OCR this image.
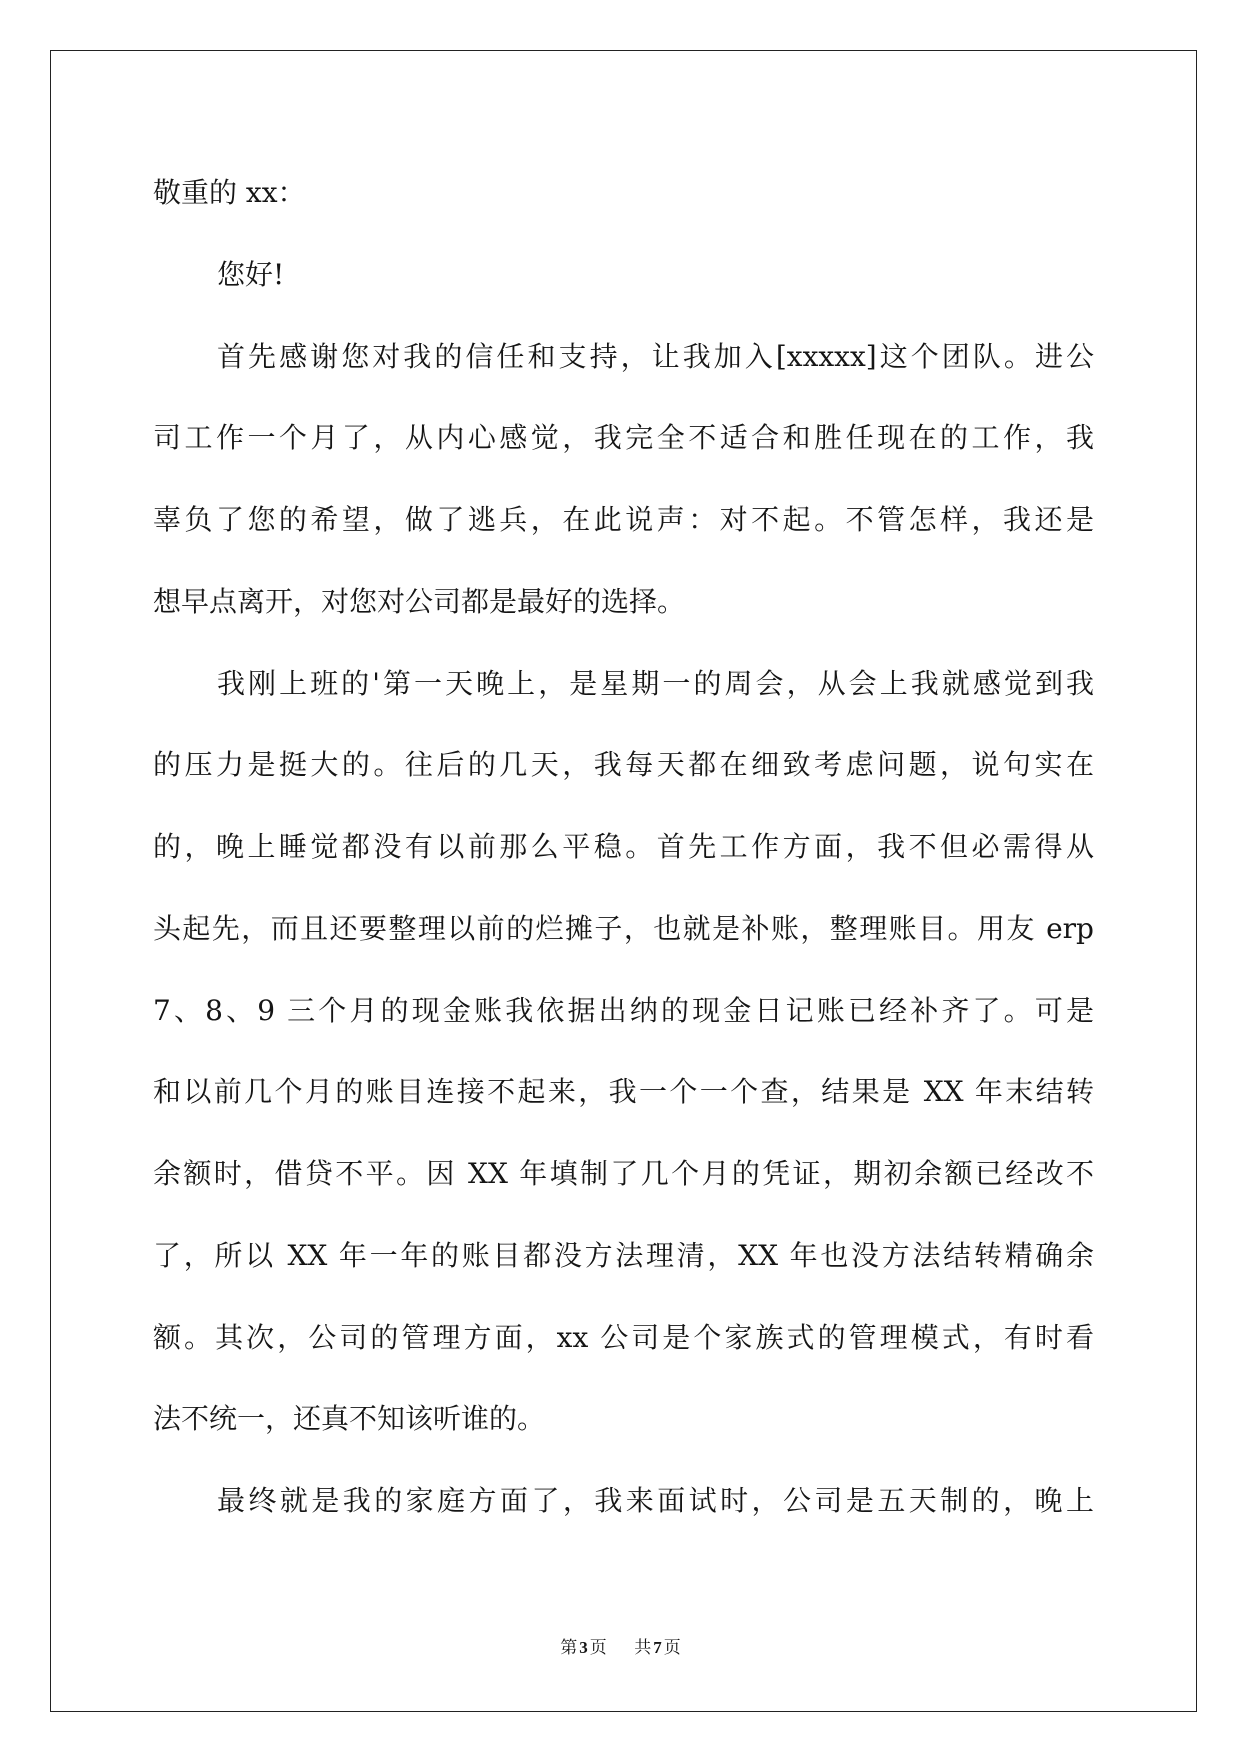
敬重的 xx：
您好!
首先感谢您对我的信任和支持，让我加入[xxxxx]这个团队。进公
司工作一个月了，从内心感觉，我完全不适合和胜任现在的工作，我
辜负了您的希望，做了逃兵，在此说声：对不起。不管怎样，我还是
想早点离开，对您对公司都是最好的选择。
我刚上班的'第一天晚上，是星期一的周会，从会上我就感觉到我
的压力是挺大的。往后的几天，我每天都在细致考虑问题，说句实在
的，晚上睡觉都没有以前那么平稳。首先工作方面，我不但必需得从
头起先，而且还要整理以前的烂摊子，也就是补账，整理账目。用友 erp
7、8、9 三个月的现金账我依据出纳的现金日记账已经补齐了。可是
和以前几个月的账目连接不起来，我一个一个查，结果是 XX 年末结转
余额时，借贷不平。因 XX 年填制了几个月的凭证，期初余额已经改不
了，所以 XX 年一年的账目都没方法理清，XX 年也没方法结转精确余
额。其次，公司的管理方面，xx 公司是个家族式的管理模式，有时看
法不统一，还真不知该听谁的。
最终就是我的家庭方面了，我来面试时，公司是五天制的，晚上
第 3 页 共 7 页
